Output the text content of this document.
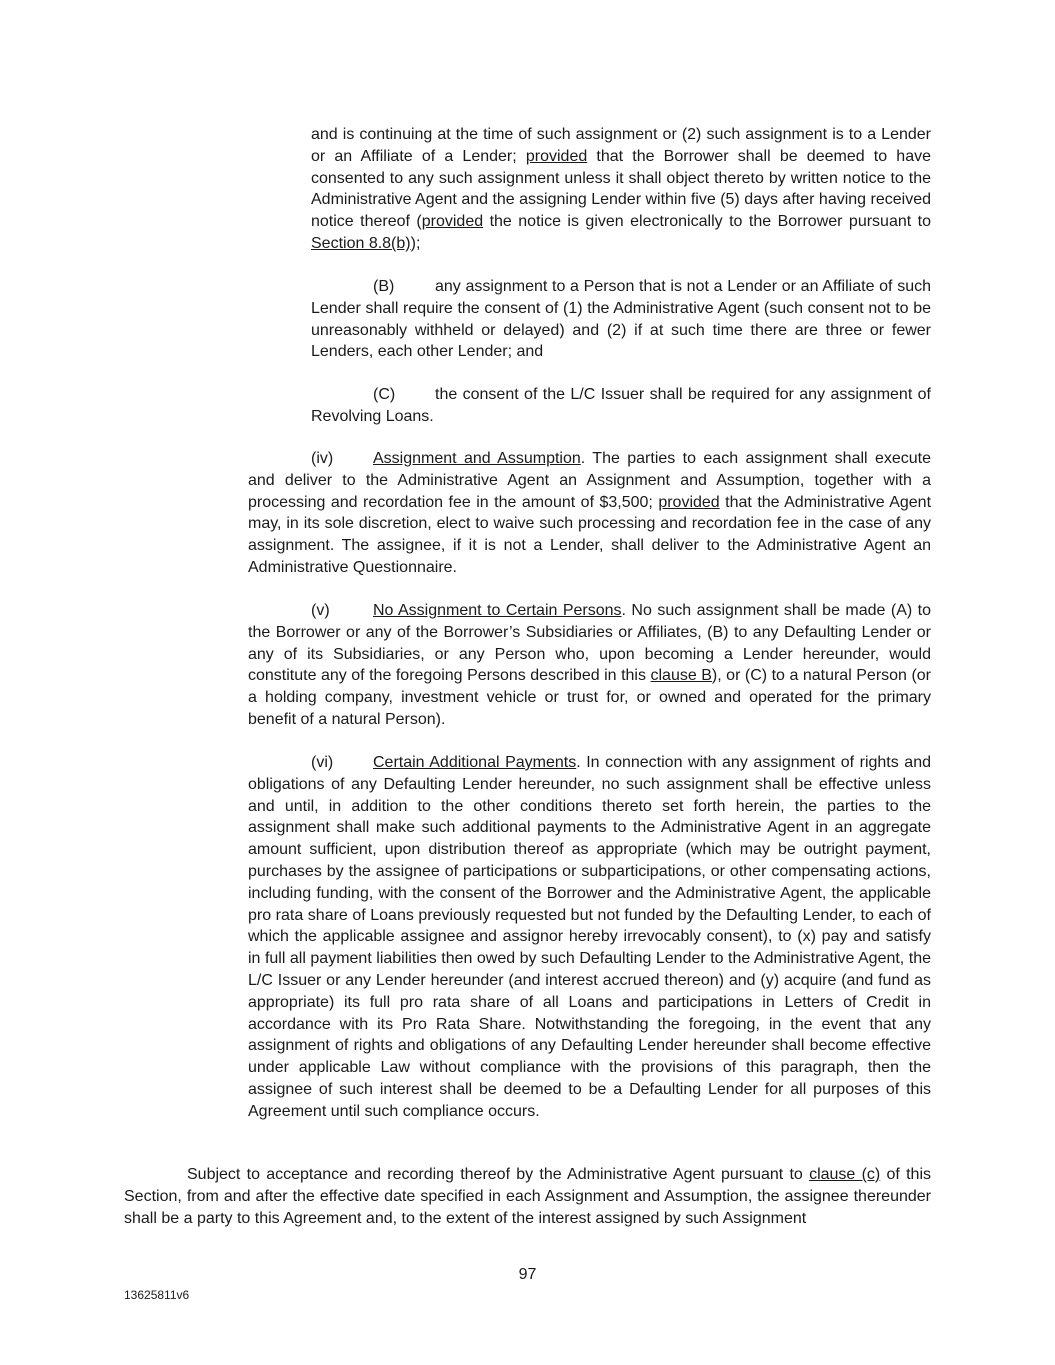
and is continuing at the time of such assignment or (2) such assignment is to a Lender or an Affiliate of a Lender; provided that the Borrower shall be deemed to have consented to any such assignment unless it shall object thereto by written notice to the Administrative Agent and the assigning Lender within five (5) days after having received notice thereof (provided the notice is given electronically to the Borrower pursuant to Section 8.8(b));

(B)	any assignment to a Person that is not a Lender or an Affiliate of such Lender shall require the consent of (1) the Administrative Agent (such consent not to be unreasonably withheld or delayed) and (2) if at such time there are three or fewer Lenders, each other Lender; and

(C) the consent of the L/C Issuer shall be required for any assignment of Revolving Loans.

(iv) Assignment and Assumption. The parties to each assignment shall execute and deliver to the Administrative Agent an Assignment and Assumption, together with a processing and recordation fee in the amount of $3,500; provided that the Administrative Agent may, in its sole discretion, elect to waive such processing and recordation fee in the case of any assignment. The assignee, if it is not a Lender, shall deliver to the Administrative Agent an Administrative Questionnaire.

(v)	No Assignment to Certain Persons. No such assignment shall be made (A) to the Borrower or any of the Borrower’s Subsidiaries or Affiliates, (B) to any Defaulting Lender or any of its Subsidiaries, or any Person who, upon becoming a Lender hereunder, would constitute any of the foregoing Persons described in this clause B), or (C) to a natural Person (or a holding company, investment vehicle or trust for, or owned and operated for the primary benefit of a natural Person).

(vi) Certain Additional Payments. In connection with any assignment of rights and obligations of any Defaulting Lender hereunder, no such assignment shall be effective unless and until, in addition to the other conditions thereto set forth herein, the parties to the assignment shall make such additional payments to the Administrative Agent in an aggregate amount sufficient, upon distribution thereof as appropriate (which may be outright payment, purchases by the assignee of participations or subparticipations, or other compensating actions, including funding, with the consent of the Borrower and the Administrative Agent, the applicable pro rata share of Loans previously requested but not funded by the Defaulting Lender, to each of which the applicable assignee and assignor hereby irrevocably consent), to (x) pay and satisfy in full all payment liabilities then owed by such Defaulting Lender to the Administrative Agent, the L/C Issuer or any Lender hereunder (and interest accrued thereon) and (y) acquire (and fund as appropriate) its full pro rata share of all Loans and participations in Letters of Credit in accordance with its Pro Rata Share. Notwithstanding the foregoing, in the event that any assignment of rights and obligations of any Defaulting Lender hereunder shall become effective under applicable Law without compliance with the provisions of this paragraph, then the assignee of such interest shall be deemed to be a Defaulting Lender for all purposes of this Agreement until such compliance occurs.

Subject to acceptance and recording thereof by the Administrative Agent pursuant to clause (c) of this Section, from and after the effective date specified in each Assignment and Assumption, the assignee thereunder shall be a party to this Agreement and, to the extent of the interest assigned by such Assignment

97
13625811v6
